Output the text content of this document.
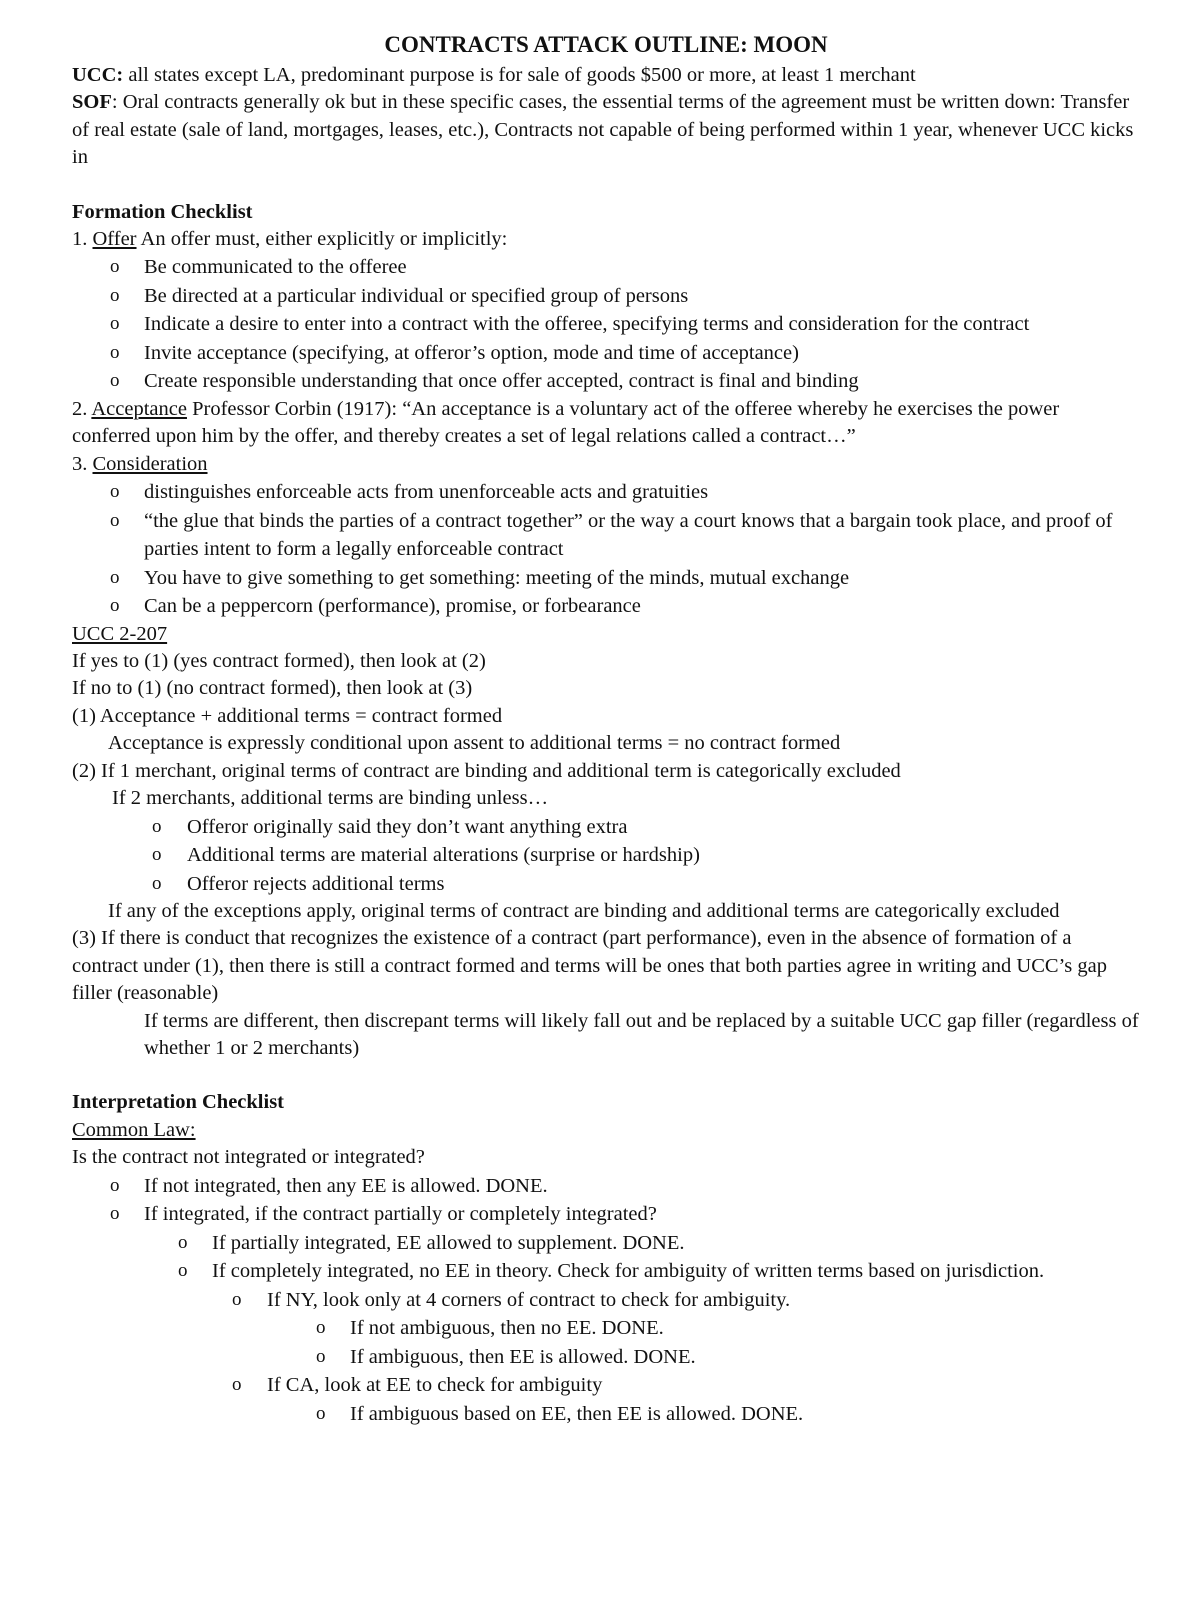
CONTRACTS ATTACK OUTLINE: MOON

UCC: all states except LA, predominant purpose is for sale of goods $500 or more, at least 1 merchant

SOF: Oral contracts generally ok but in these specific cases, the essential terms of the agreement must be written down: Transfer of real estate (sale of land, mortgages, leases, etc.), Contracts not capable of being performed within 1 year, whenever UCC kicks in

Formation Checklist

1. Offer An offer must, either explicitly or implicitly:

o Be communicated to the offeree
o Be directed at a particular individual or specified group of persons
o Indicate a desire to enter into a contract with the offeree, specifying terms and consideration for the contract
o Invite acceptance (specifying, at offeror’s option, mode and time of acceptance)
o Create responsible understanding that once offer accepted, contract is final and binding

2. Acceptance Professor Corbin (1917): “An acceptance is a voluntary act of the offeree whereby he exercises the power conferred upon him by the offer, and thereby creates a set of legal relations called a contract…”

3. Consideration

o distinguishes enforceable acts from unenforceable acts and gratuities
o “the glue that binds the parties of a contract together” or the way a court knows that a bargain took place, and proof of parties intent to form a legally enforceable contract
o You have to give something to get something: meeting of the minds, mutual exchange
o Can be a peppercorn (performance), promise, or forbearance

UCC 2-207

If yes to (1) (yes contract formed), then look at (2)

If no to (1) (no contract formed), then look at (3)

(1) Acceptance + additional terms = contract formed

Acceptance is expressly conditional upon assent to additional terms = no contract formed

(2) If 1 merchant, original terms of contract are binding and additional term is categorically excluded

If 2 merchants, additional terms are binding unless…

o Offeror originally said they don’t want anything extra
o Additional terms are material alterations (surprise or hardship)
o Offeror rejects additional terms

If any of the exceptions apply, original terms of contract are binding and additional terms are categorically excluded

(3) If there is conduct that recognizes the existence of a contract (part performance), even in the absence of formation of a contract under (1), then there is still a contract formed and terms will be ones that both parties agree in writing and UCC’s gap filler (reasonable)

If terms are different, then discrepant terms will likely fall out and be replaced by a suitable UCC gap filler (regardless of whether 1 or 2 merchants)

Interpretation Checklist

Common Law:

Is the contract not integrated or integrated?

o If not integrated, then any EE is allowed. DONE.
o If integrated, if the contract partially or completely integrated?
o If partially integrated, EE allowed to supplement. DONE.
o If completely integrated, no EE in theory. Check for ambiguity of written terms based on jurisdiction.
o If NY, look only at 4 corners of contract to check for ambiguity.
o If not ambiguous, then no EE. DONE.
o If ambiguous, then EE is allowed. DONE.
o If CA, look at EE to check for ambiguity
o If ambiguous based on EE, then EE is allowed. DONE.
